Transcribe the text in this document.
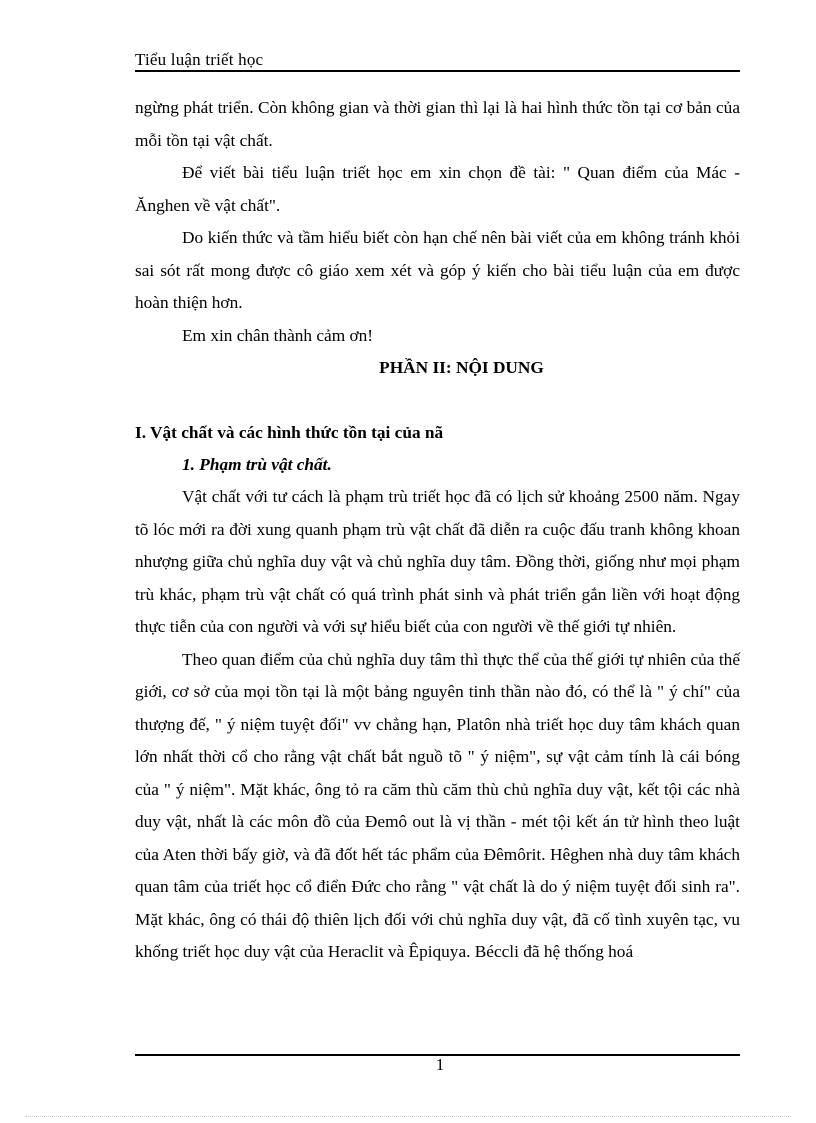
Tiểu luận triết học

ngừng phát triển. Còn không gian và thời gian thì lại là hai hình thức tồn tại cơ bản của mỗi tồn tại vật chất.

Để viết bài tiểu luận triết học em xin chọn đề tài: " Quan điểm của Mác - Ănghen về vật chất".

Do kiến thức và tầm hiểu biết còn hạn chế nên bài viết của em không tránh khỏi sai sót rất mong được cô giáo xem xét và góp ý kiến cho bài tiểu luận của em được hoàn thiện hơn.

Em xin chân thành cảm ơn!

PHẦN II: NỘI DUNG
I. Vật chất và các hình thức tồn tại của nã
1. Phạm trù vật chất.

Vật chất với tư cách là phạm trù triết học đã có lịch sử khoảng 2500 năm. Ngay tõ lóc mới ra đời xung quanh phạm trù vật chất đã diễn ra cuộc đấu tranh không khoan nhượng giữa chủ nghĩa duy vật và chủ nghĩa duy tâm. Đồng thời, giống như mọi phạm trù khác, phạm trù vật chất có quá trình phát sinh và phát triển gắn liền với hoạt động thực tiễn của con người và với sự hiểu biết của con người về thế giới tự nhiên.

Theo quan điểm của chủ nghĩa duy tâm thì thực thể của thế giới tự nhiên của thế giới, cơ sở của mọi tồn tại là một bảng nguyên tinh thần nào đó, có thể là " ý chí" của thượng đế, " ý niệm tuyệt đối" vv chẳng hạn, Platôn nhà triết học duy tâm khách quan lớn nhất thời cổ cho rằng vật chất bắt nguồ tõ " ý niệm", sự vật cảm tính là cái bóng của " ý niệm". Mặt khác, ông tỏ ra căm thù căm thù chủ nghĩa duy vật, kết tội các nhà duy vật, nhất là các môn đồ của Đemô out là vị thần - mét tội kết án tử hình theo luật của Aten thời bấy giờ, và đã đốt hết tác phẩm của Đêmôrit. Hêghen nhà duy tâm khách quan tâm của triết học cổ điển Đức cho rằng " vật chất là do ý niệm tuyệt đối sinh ra". Mặt khác, ông có thái độ thiên lịch đối với chủ nghĩa duy vật, đã cố tình xuyên tạc, vu khống triết học duy vật của Heraclit và Êpiquya. Béccli đã hệ thống hoá

1
